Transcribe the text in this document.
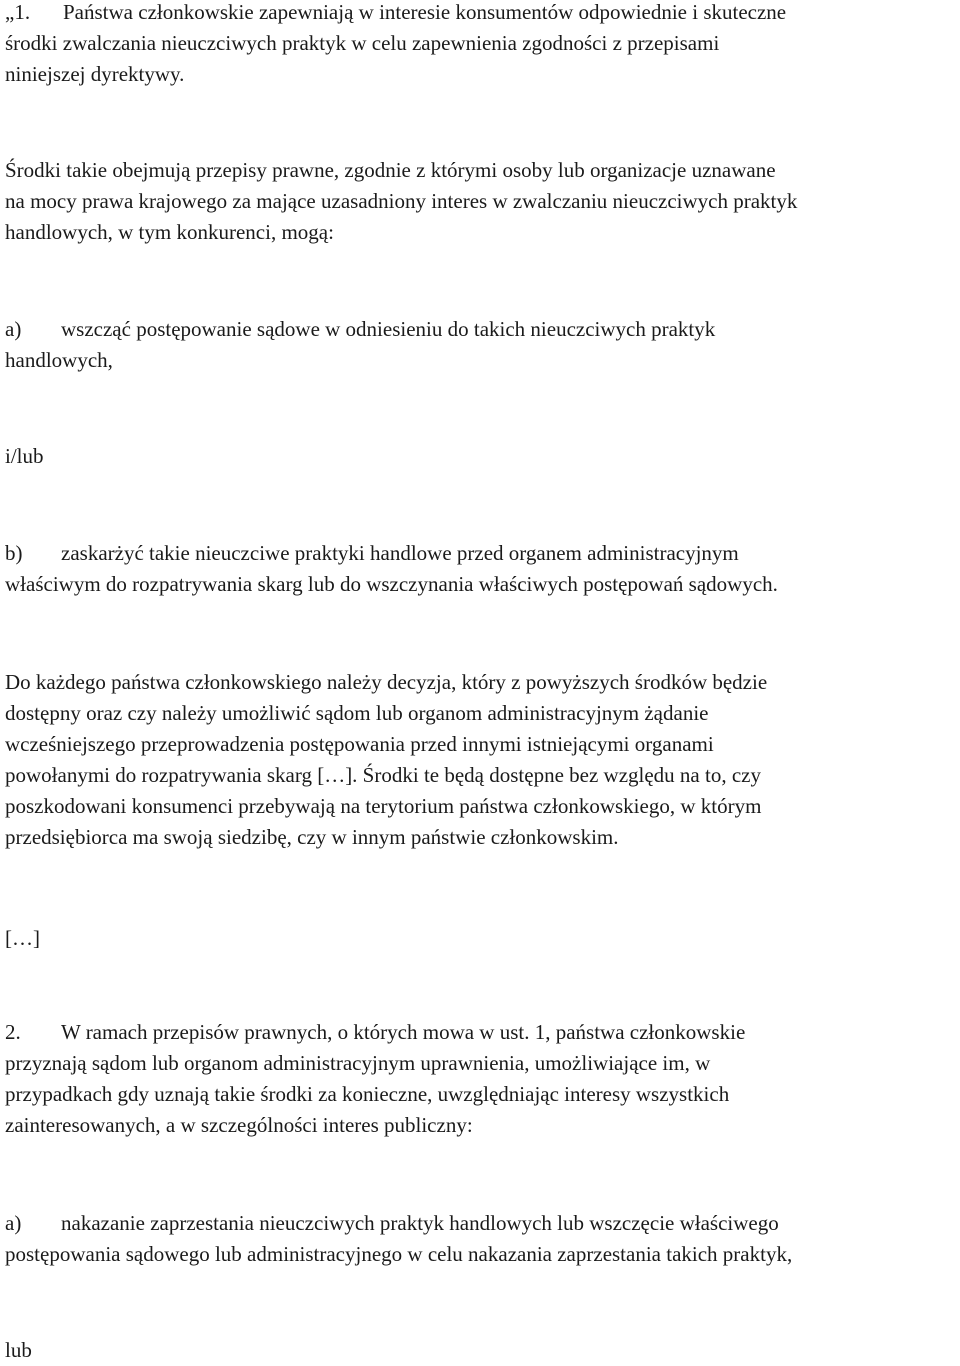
„1. Państwa członkowskie zapewniają w interesie konsumentów odpowiednie i skuteczne
środki zwalczania nieuczciwych praktyk w celu zapewnienia zgodności z przepisami
niniejszej dyrektywy.
Środki takie obejmują przepisy prawne, zgodnie z którymi osoby lub organizacje uznawane
na mocy prawa krajowego za mające uzasadniony interes w zwalczaniu nieuczciwych praktyk
handlowych, w tym konkurenci, mogą:
a) wszcząć postępowanie sądowe w odniesieniu do takich nieuczciwych praktyk
handlowych,
i/lub
b) zaskarżyć takie nieuczciwe praktyki handlowe przed organem administracyjnym
właściwym do rozpatrywania skarg lub do wszczynania właściwych postępowań sądowych.
Do każdego państwa członkowskiego należy decyzja, który z powyższych środków będzie
dostępny oraz czy należy umożliwić sądom lub organom administracyjnym żądanie
wcześniejszego przeprowadzenia postępowania przed innymi istniejącymi organami
powołanymi do rozpatrywania skarg […]. Środki te będą dostępne bez względu na to, czy
poszkodowani konsumenci przebywają na terytorium państwa członkowskiego, w którym
przedsiębiorca ma swoją siedzibę, czy w innym państwie członkowskim.
[…]
2. W ramach przepisów prawnych, o których mowa w ust. 1, państwa członkowskie
przyznają sądom lub organom administracyjnym uprawnienia, umożliwiające im, w
przypadkach gdy uznają takie środki za konieczne, uwzględniając interesy wszystkich
zainteresowanych, a w szczególności interes publiczny:
a) nakazanie zaprzestania nieuczciwych praktyk handlowych lub wszczęcie właściwego
postępowania sądowego lub administracyjnego w celu nakazania zaprzestania takich praktyk,
lub
